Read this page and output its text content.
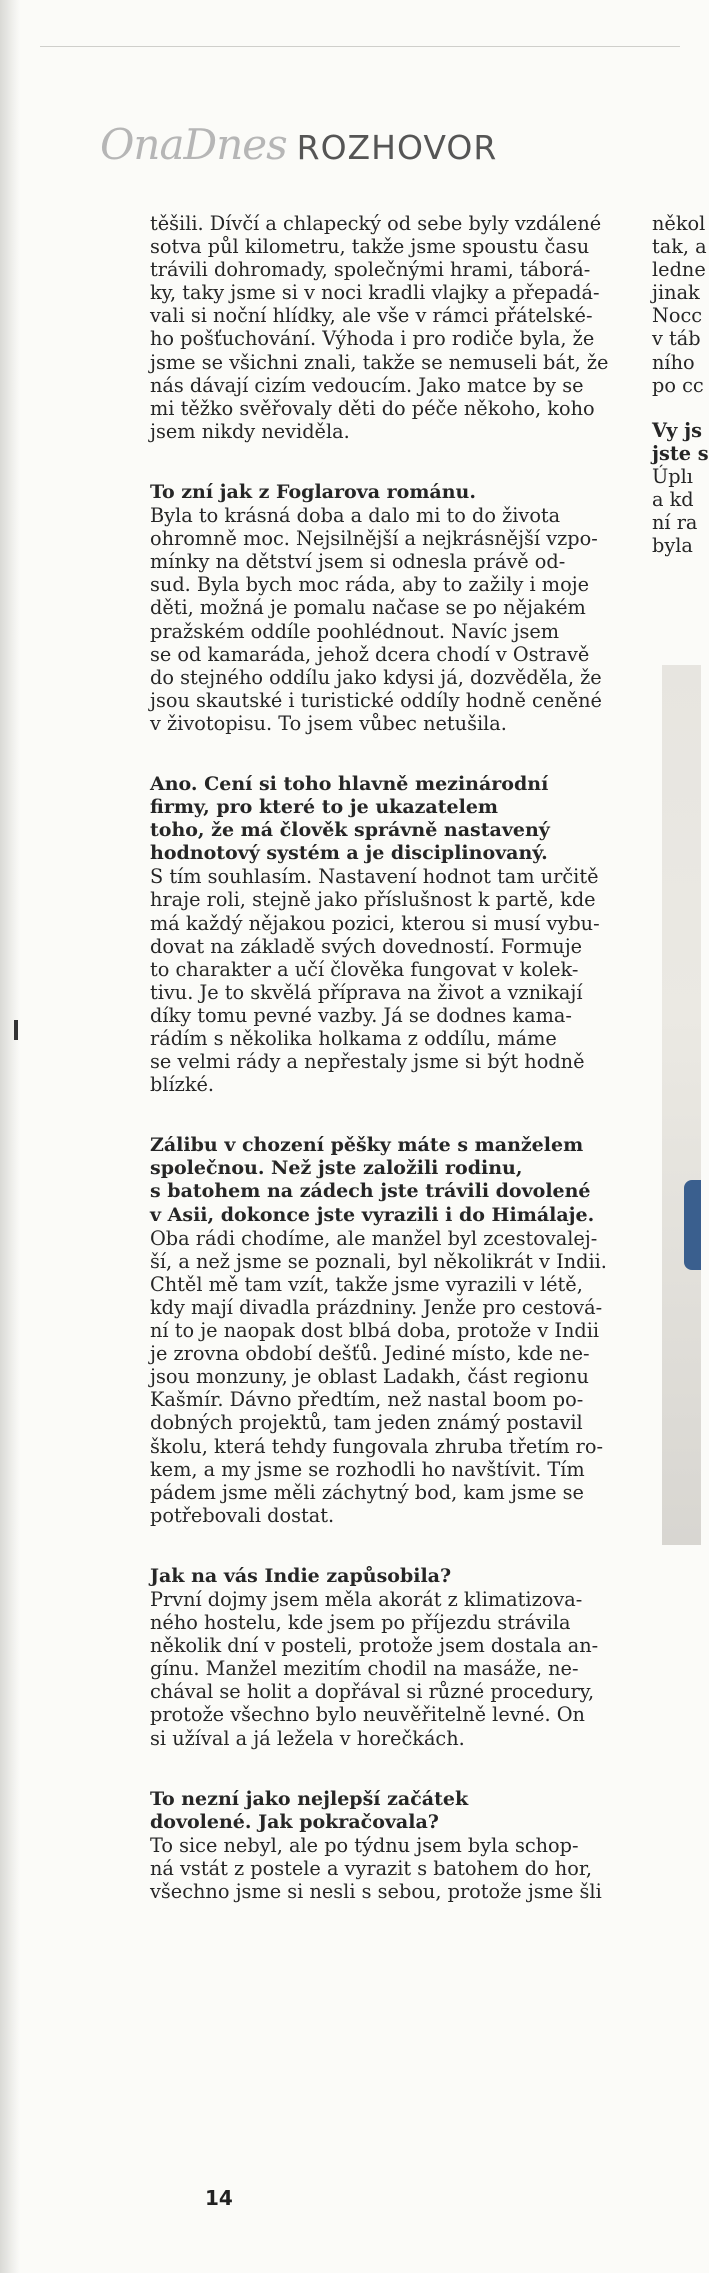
OnaDnes ROZHOVOR

těšili. Dívčí a chlapecký od sebe byly vzdálené

sotva půl kilometru, takže jsme spoustu času

trávili dohromady, společnými hrami, táborá-

ky, taky jsme si v noci kradli vlajky a přepadá-

vali si noční hlídky, ale vše v rámci přátelské-

ho pošťuchování. Výhoda i pro rodiče byla, že

jsme se všichni znali, takže se nemuseli bát, že

nás dávají cizím vedoucím. Jako matce by se

mi těžko svěřovaly děti do péče někoho, koho

jsem nikdy neviděla.

To zní jak z Foglarova románu.

Byla to krásná doba a dalo mi to do života

ohromně moc. Nejsilnější a nejkrásnější vzpo-

mínky na dětství jsem si odnesla právě od-

sud. Byla bych moc ráda, aby to zažily i moje

děti, možná je pomalu načase se po nějakém

pražském oddíle poohlédnout. Navíc jsem

se od kamaráda, jehož dcera chodí v Ostravě

do stejného oddílu jako kdysi já, dozvěděla, že

jsou skautské i turistické oddíly hodně ceněné

v životopisu. To jsem vůbec netušila.

Ano. Cení si toho hlavně mezinárodní

firmy, pro které to je ukazatelem

toho, že má člověk správně nastavený

hodnotový systém a je disciplinovaný.

S tím souhlasím. Nastavení hodnot tam určitě

hraje roli, stejně jako příslušnost k partě, kde

má každý nějakou pozici, kterou si musí vybu-

dovat na základě svých dovedností. Formuje

to charakter a učí člověka fungovat v kolek-

tivu. Je to skvělá příprava na život a vznikají

díky tomu pevné vazby. Já se dodnes kama-

rádím s několika holkama z oddílu, máme

se velmi rády a nepřestaly jsme si být hodně

blízké.

Zálibu v chození pěšky máte s manželem

společnou. Než jste založili rodinu,

s batohem na zádech jste trávili dovolené

v Asii, dokonce jste vyrazili i do Himálaje.

Oba rádi chodíme, ale manžel byl zcestovalej-

ší, a než jsme se poznali, byl několikrát v Indii.

Chtěl mě tam vzít, takže jsme vyrazili v létě,

kdy mají divadla prázdniny. Jenže pro cestová-

ní to je naopak dost blbá doba, protože v Indii

je zrovna období dešťů. Jediné místo, kde ne-

jsou monzuny, je oblast Ladakh, část regionu

Kašmír. Dávno předtím, než nastal boom po-

dobných projektů, tam jeden známý postavil

školu, která tehdy fungovala zhruba třetím ro-

kem, a my jsme se rozhodli ho navštívit. Tím

pádem jsme měli záchytný bod, kam jsme se

potřebovali dostat.

Jak na vás Indie zapůsobila?

První dojmy jsem měla akorát z klimatizova-

ného hostelu, kde jsem po příjezdu strávila

několik dní v posteli, protože jsem dostala an-

gínu. Manžel mezitím chodil na masáže, ne-

chával se holit a dopřával si různé procedury,

protože všechno bylo neuvěřitelně levné. On

si užíval a já ležela v horečkách.

To nezní jako nejlepší začátek

dovolené. Jak pokračovala?

To sice nebyl, ale po týdnu jsem byla schop-

ná vstát z postele a vyrazit s batohem do hor,

všechno jsme si nesli s sebou, protože jsme šli

někol
tak, a
ledne
jinak
Nocc
v táb
ního
po cc
Vy js
jste s
Úplı
a kd
ní ra
byla
14
